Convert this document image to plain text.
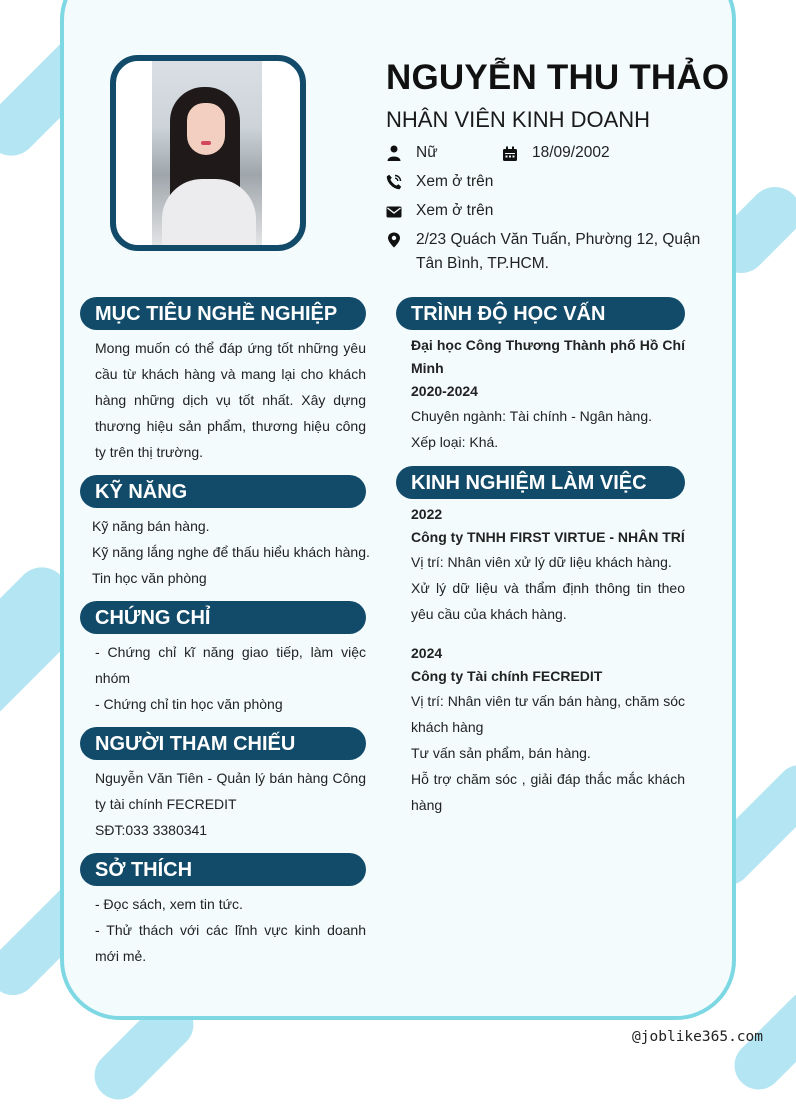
NGUYỄN THU THẢO
NHÂN VIÊN KINH DOANH
Nữ	18/09/2002
Xem ở trên
Xem ở trên
2/23 Quách Văn Tuấn, Phường 12, Quận Tân Bình, TP.HCM.
MỤC TIÊU NGHỀ NGHIỆP
Mong muốn có thể đáp ứng tốt những yêu cầu từ khách hàng và mang lại cho khách hàng những dịch vụ tốt nhất. Xây dựng thương hiệu sản phẩm, thương hiệu công ty trên thị trường.
KỸ NĂNG

Kỹ năng bán hàng.

Kỹ năng lắng nghe để thấu hiểu khách hàng.

Tin học văn phòng

CHỨNG CHỈ

- Chứng chỉ kĩ năng giao tiếp, làm việc nhóm

- Chứng chỉ tin học văn phòng

NGƯỜI THAM CHIẾU

Nguyễn Văn Tiên - Quản lý bán hàng Công ty tài chính FECREDIT

SĐT:033 3380341

SỞ THÍCH

- Đọc sách, xem tin tức.

- Thử thách với các lĩnh vực kinh doanh mới mẻ.

TRÌNH ĐỘ HỌC VẤN

Đại học Công Thương Thành phố Hồ Chí Minh

2020-2024

Chuyên ngành: Tài chính - Ngân hàng.

Xếp loại: Khá.

KINH NGHIỆM LÀM VIỆC

2022

Công ty TNHH FIRST VIRTUE - NHÂN TRÍ

Vị trí: Nhân viên xử lý dữ liệu khách hàng.

Xử lý dữ liệu và thẩm định thông tin theo yêu cầu của khách hàng.

2024

Công ty Tài chính FECREDIT

Vị trí: Nhân viên tư vấn bán hàng, chăm sóc khách hàng

Tư vấn sản phẩm, bán hàng.

Hỗ trợ chăm sóc , giải đáp thắc mắc khách hàng

@joblike365.com
